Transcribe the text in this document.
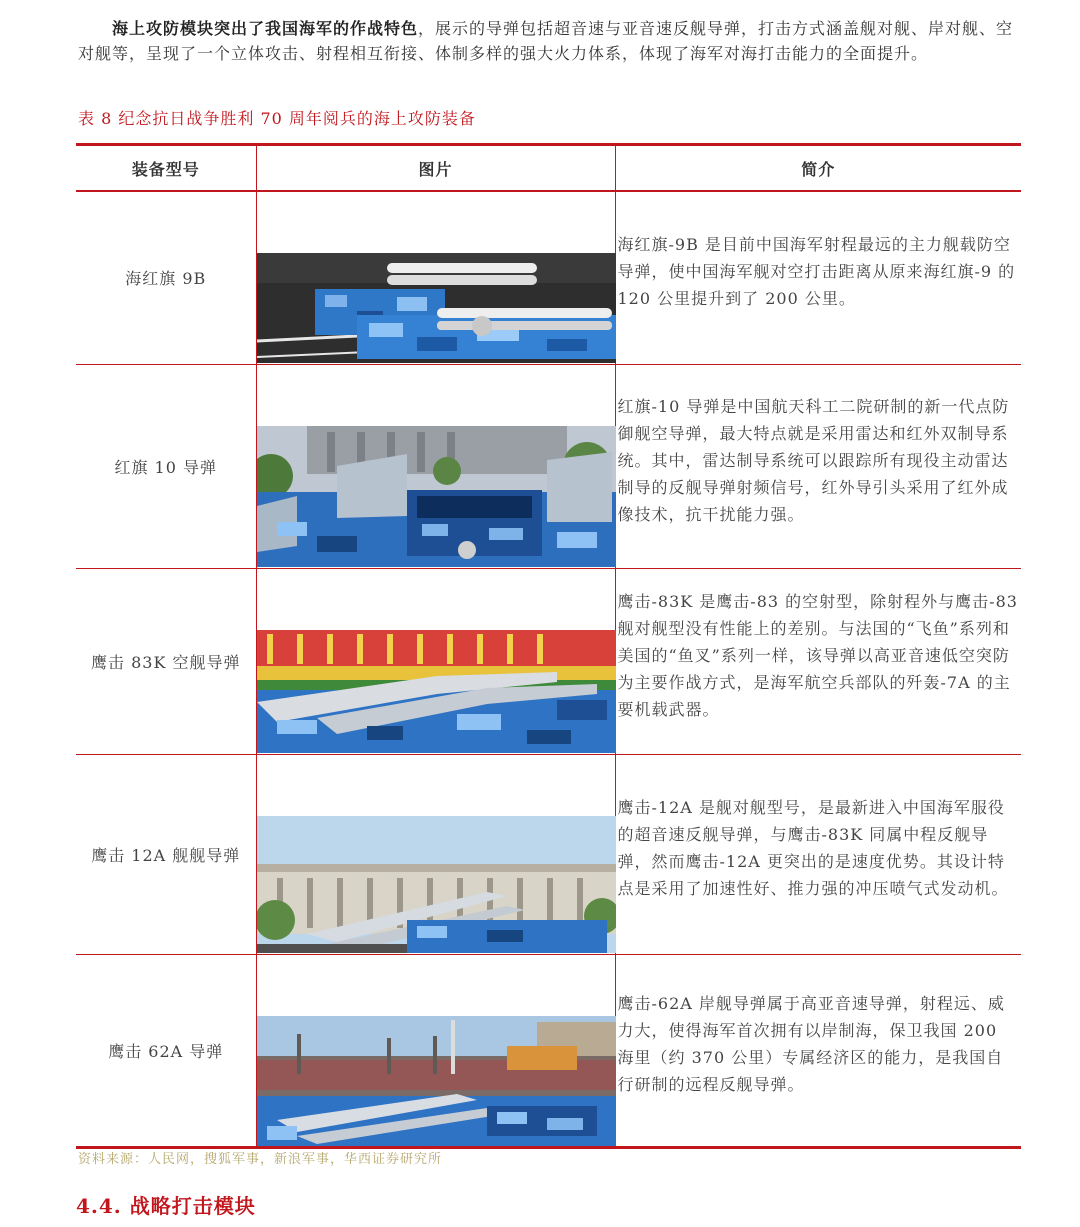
海上攻防模块突出了我国海军的作战特色，展示的导弹包括超音速与亚音速反舰导弹，打击方式涵盖舰对舰、岸对舰、空对舰等，呈现了一个立体攻击、射程相互衔接、体制多样的强大火力体系，体现了海军对海打击能力的全面提升。

表 8 纪念抗日战争胜利 70 周年阅兵的海上攻防装备

装备型号	图片	简介
海红旗 9B		海红旗-9B 是目前中国海军射程最远的主力舰载防空导弹，使中国海军舰对空打击距离从原来海红旗-9 的 120 公里提升到了 200 公里。

红旗 10 导弹		红旗-10 导弹是中国航天科工二院研制的新一代点防御舰空导弹，最大特点就是采用雷达和红外双制导系统。其中，雷达制导系统可以跟踪所有现役主动雷达制导的反舰导弹射频信号，红外导引头采用了红外成像技术，抗干扰能力强。

鹰击 83K 空舰导弹		鹰击-83K 是鹰击-83 的空射型，除射程外与鹰击-83 舰对舰型没有性能上的差别。与法国的“飞鱼”系列和美国的“鱼叉”系列一样，该导弹以高亚音速低空突防为主要作战方式，是海军航空兵部队的歼轰-7A 的主要机载武器。

鹰击 12A 舰舰导弹		鹰击-12A 是舰对舰型号，是最新进入中国海军服役的超音速反舰导弹，与鹰击-83K 同属中程反舰导弹，然而鹰击-12A 更突出的是速度优势。其设计特点是采用了加速性好、推力强的冲压喷气式发动机。

鹰击 62A 导弹		鹰击-62A 岸舰导弹属于高亚音速导弹，射程远、威力大，使得海军首次拥有以岸制海，保卫我国 200 海里（约 370 公里）专属经济区的能力，是我国自行研制的远程反舰导弹。

资料来源：人民网，搜狐军事，新浪军事，华西证券研究所

4.4. 战略打击模块
